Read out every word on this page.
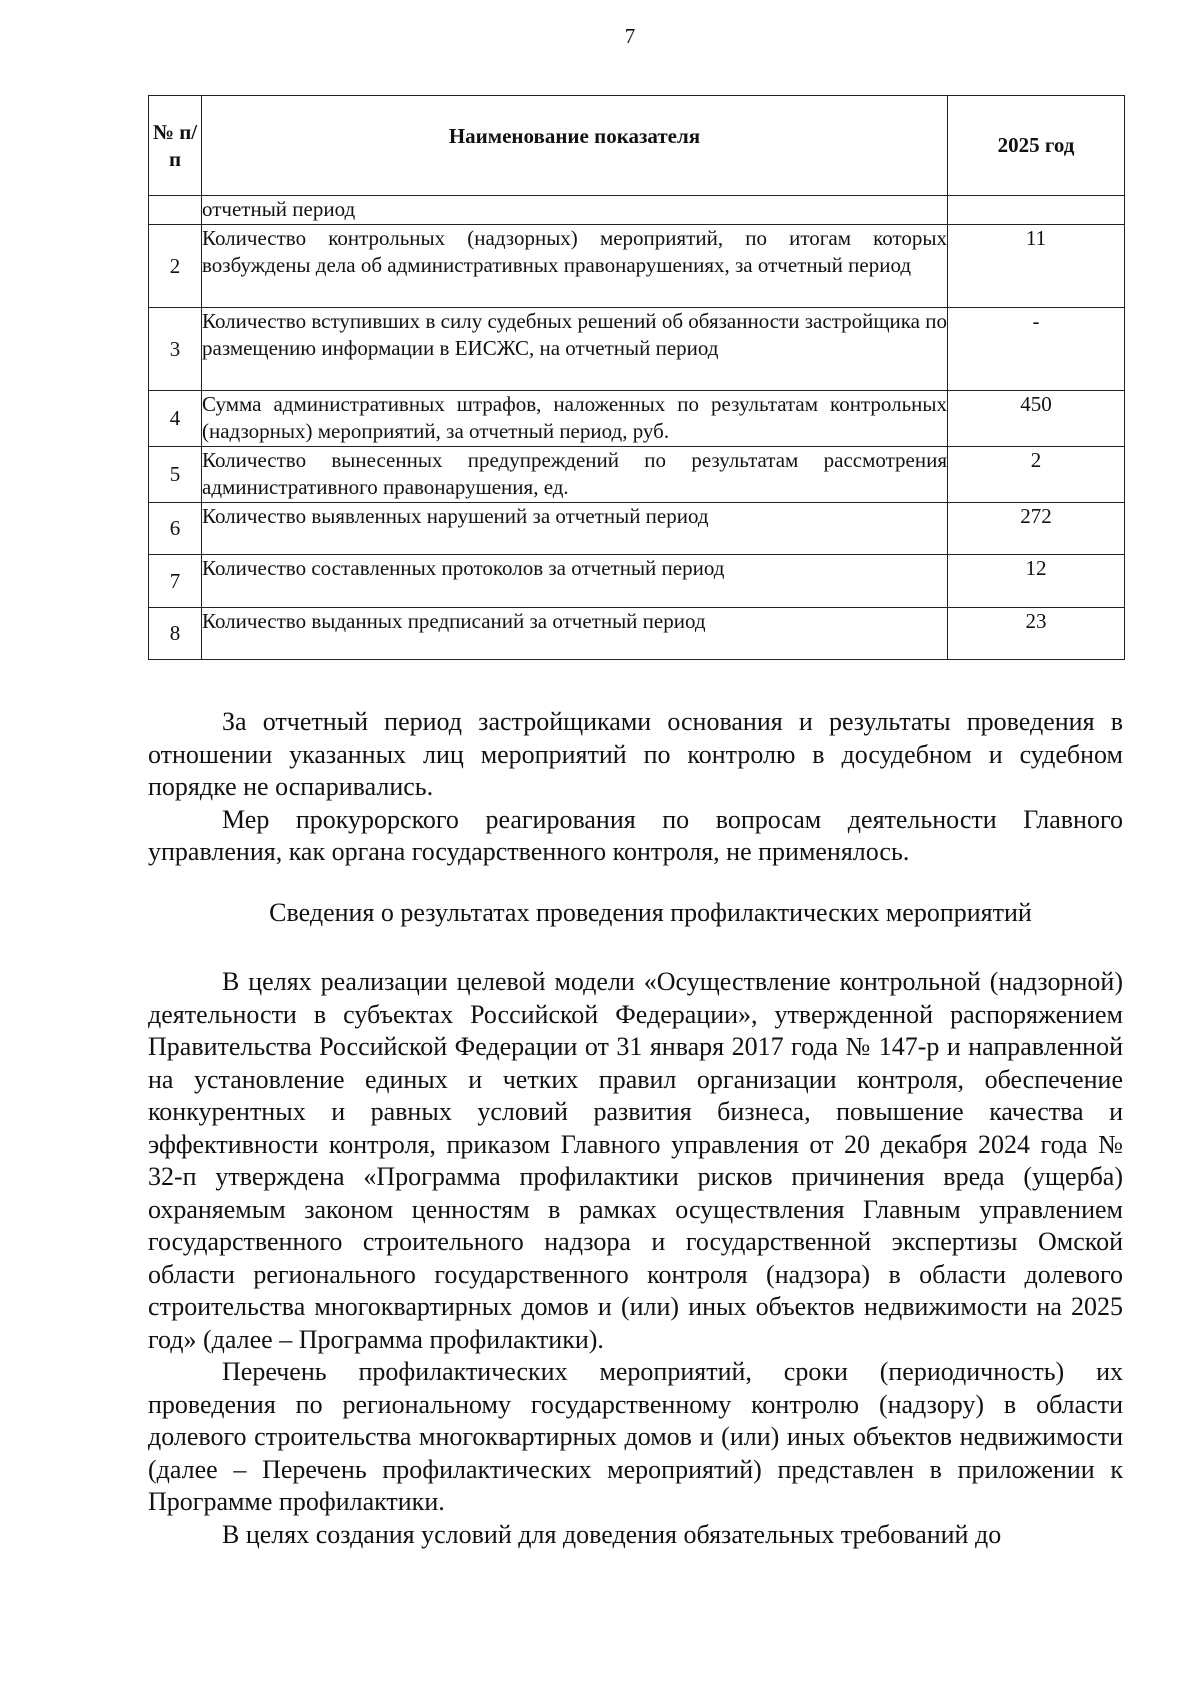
7
№ п/ п	Наименование показателя	2025 год
	отчетный период	
2	Количество контрольных (надзорных) мероприятий, по итогам которых возбуждены дела об административных правонарушениях, за отчетный период	11
3	Количество вступивших в силу судебных решений об обязанности застройщика по размещению информации в ЕИСЖС, на отчетный период	-
4	Сумма административных штрафов, наложенных по результатам контрольных (надзорных) мероприятий, за отчетный период, руб.	450
5	Количество вынесенных предупреждений по результатам рассмотрения административного правонарушения, ед.	2
6	Количество выявленных нарушений за отчетный период	272
7	Количество составленных протоколов за отчетный период	12
8	Количество выданных предписаний за отчетный период	23

За отчетный период застройщиками основания и результаты проведения в отношении указанных лиц мероприятий по контролю в досудебном и судебном порядке не оспаривались.

Мер прокурорского реагирования по вопросам деятельности Главного управления, как органа государственного контроля, не применялось.

Сведения о результатах проведения профилактических мероприятий

В целях реализации целевой модели «Осуществление контрольной (надзорной) деятельности в субъектах Российской Федерации», утвержденной распоряжением Правительства Российской Федерации от 31 января 2017 года № 147-р и направленной на установление единых и четких правил организации контроля, обеспечение конкурентных и равных условий развития бизнеса, повышение качества и эффективности контроля, приказом Главного управления от 20 декабря 2024 года № 32-п утверждена «Программа профилактики рисков причинения вреда (ущерба) охраняемым законом ценностям в рамках осуществления Главным управлением государственного строительного надзора и государственной экспертизы Омской области регионального государственного контроля (надзора) в области долевого строительства многоквартирных домов и (или) иных объектов недвижимости на 2025 год» (далее – Программа профилактики).

Перечень профилактических мероприятий, сроки (периодичность) их проведения по региональному государственному контролю (надзору) в области долевого строительства многоквартирных домов и (или) иных объектов недвижимости (далее – Перечень профилактических мероприятий) представлен в приложении к Программе профилактики.

В целях создания условий для доведения обязательных требований до
